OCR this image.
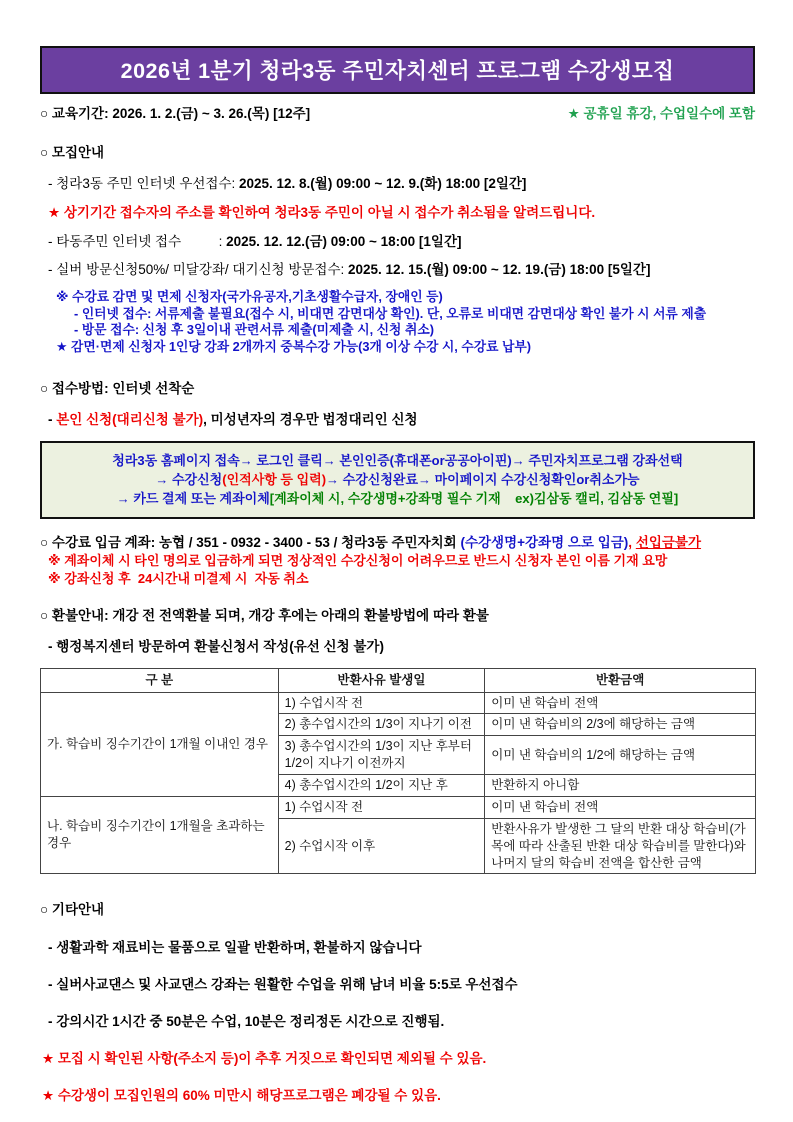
2026년 1분기 청라3동 주민자치센터 프로그램 수강생모집
○ 교육기간: 2026. 1. 2.(금) ~ 3. 26.(목) [12주]	★ 공휴일 휴강, 수업일수에 포함
○ 모집안내
- 청라3동 주민 인터넷 우선접수: 2025. 12. 8.(월) 09:00 ~ 12. 9.(화) 18:00 [2일간]
★ 상기기간 접수자의 주소를 확인하여 청라3동 주민이 아닐 시 접수가 취소됨을 알려드립니다.
- 타동주민 인터넷 접수          : 2025. 12. 12.(금) 09:00 ~ 18:00 [1일간]
- 실버 방문신청50%/ 미달강좌/ 대기신청 방문접수: 2025. 12. 15.(월) 09:00 ~ 12. 19.(금) 18:00 [5일간]
※ 수강료 감면 및 면제 신청자(국가유공자,기초생활수급자, 장애인 등)
- 인터넷 접수: 서류제출 불필요(접수 시, 비대면 감면대상 확인). 단, 오류로 비대면 감면대상 확인 불가 시 서류 제출
- 방문 접수: 신청 후 3일이내 관련서류 제출(미제출 시, 신청 취소)
★ 감면·면제 신청자 1인당 강좌 2개까지 중복수강 가능(3개 이상 수강 시, 수강료 납부)
○ 접수방법: 인터넷 선착순
- 본인 신청(대리신청 불가), 미성년자의 경우만 법정대리인 신청
청라3동 홈페이지 접속→ 로그인 클릭→ 본인인증(휴대폰or공공아이핀)→ 주민자치프로그램 강좌선택
→ 수강신청(인적사항 등 입력)→ 수강신청완료→ 마이페이지 수강신청확인or취소가능
→ 카드 결제 또는 계좌이체[계좌이체 시, 수강생명+강좌명 필수 기재    ex)김삼동 캘리, 김삼동 연필]
○ 수강료 입금 계좌: 농협 / 351 - 0932 - 3400 - 53 / 청라3동 주민자치회 (수강생명+강좌명 으로 입금), 선입금불가
※ 계좌이체 시 타인 명의로 입금하게 되면 정상적인 수강신청이 어려우므로 반드시 신청자 본인 이름 기재 요망
※ 강좌신청 후  24시간내 미결제 시  자동 취소
○ 환불안내: 개강 전 전액환불 되며, 개강 후에는 아래의 환불방법에 따라 환불
- 행정복지센터 방문하여 환불신청서 작성(유선 신청 불가)
구 분	반환사유 발생일	반환금액
가. 학습비 징수기간이 1개월 이내인 경우	1) 수업시작 전	이미 낸 학습비 전액
	2) 총수업시간의 1/3이 지나기 이전	이미 낸 학습비의 2/3에 해당하는 금액
	3) 총수업시간의 1/3이 지난 후부터 1/2이 지나기 이전까지	이미 낸 학습비의 1/2에 해당하는 금액
	4) 총수업시간의 1/2이 지난 후	반환하지 아니함
나. 학습비 징수기간이 1개월을 초과하는 경우	1) 수업시작 전	이미 낸 학습비 전액
	2) 수업시작 이후	반환사유가 발생한 그 달의 반환 대상 학습비(가목에 따라 산출된 반환 대상 학습비를 말한다)와 나머지 달의 학습비 전액을 합산한 금액
○ 기타안내
- 생활과학 재료비는 물품으로 일괄 반환하며, 환불하지 않습니다
- 실버사교댄스 및 사교댄스 강좌는 원활한 수업을 위해 남녀 비율 5:5로 우선접수
- 강의시간 1시간 중 50분은 수업, 10분은 정리정돈 시간으로 진행됨.
★ 모집 시 확인된 사항(주소지 등)이 추후 거짓으로 확인되면 제외될 수 있음.
★ 수강생이 모집인원의 60% 미만시 해당프로그램은 폐강될 수 있음.
